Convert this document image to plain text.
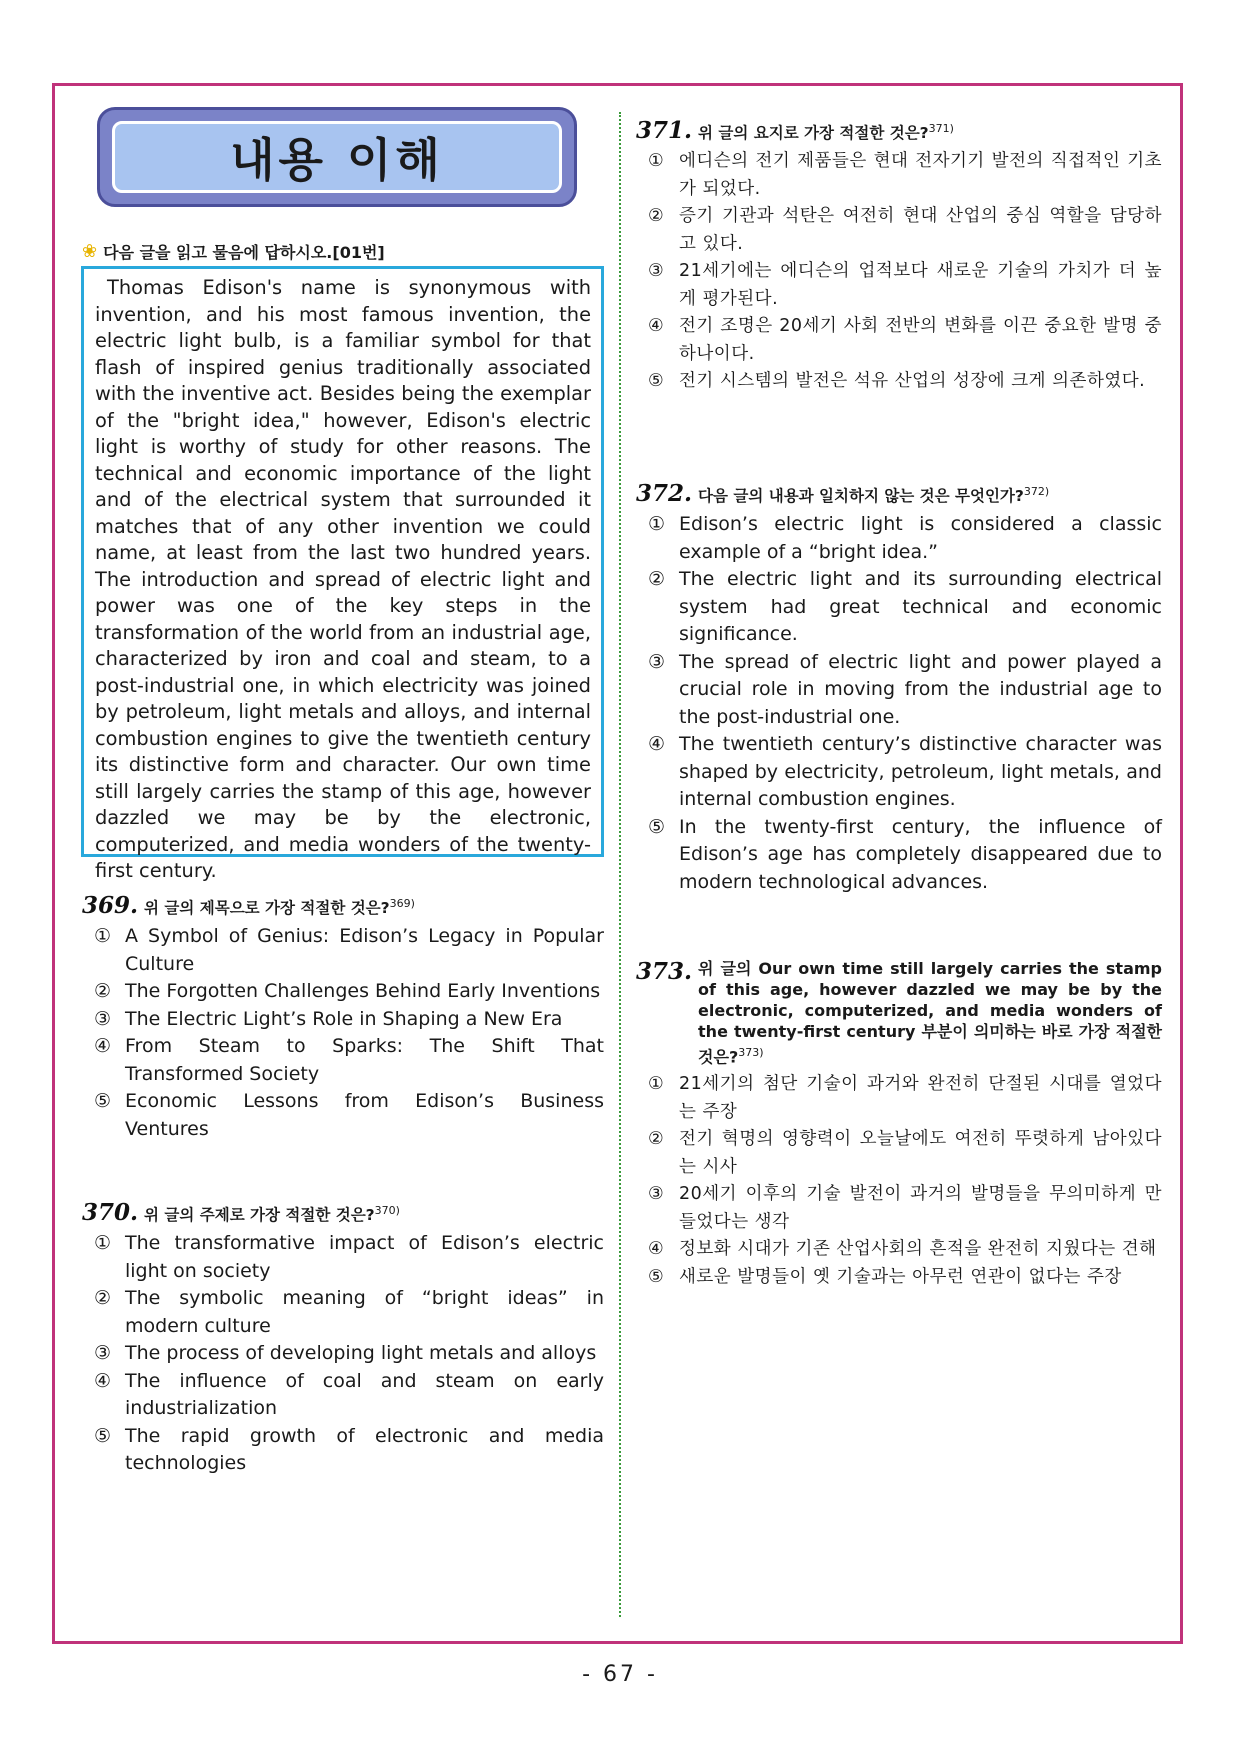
내용 이해
❀ 다음 글을 읽고 물음에 답하시오.[01번]
Thomas Edison's name is synonymous with invention, and his most famous invention, the electric light bulb, is a familiar symbol for that flash of inspired genius traditionally associated with the inventive act. Besides being the exemplar of the "bright idea," however, Edison's electric light is worthy of study for other reasons. The technical and economic importance of the light and of the electrical system that surrounded it matches that of any other invention we could name, at least from the last two hundred years. The introduction and spread of electric light and power was one of the key steps in the transformation of the world from an industrial age, characterized by iron and coal and steam, to a post-industrial one, in which electricity was joined by petroleum, light metals and alloys, and internal combustion engines to give the twentieth century its distinctive form and character. Our own time still largely carries the stamp of this age, however dazzled we may be by the electronic, computerized, and media wonders of the twenty-first century.
369. 위 글의 제목으로 가장 적절한 것은?$^{369)}$
① A Symbol of Genius: Edison’s Legacy in Popular Culture
② The Forgotten Challenges Behind Early Inventions
③ The Electric Light’s Role in Shaping a New Era
④ From Steam to Sparks: The Shift That Transformed Society
⑤ Economic Lessons from Edison’s Business Ventures
370. 위 글의 주제로 가장 적절한 것은?$^{370)}$
① The transformative impact of Edison’s electric light on society
② The symbolic meaning of “bright ideas” in modern culture
③ The process of developing light metals and alloys
④ The influence of coal and steam on early industrialization
⑤ The rapid growth of electronic and media technologies
371. 위 글의 요지로 가장 적절한 것은?$^{371)}$
① 에디슨의 전기 제품들은 현대 전자기기 발전의 직접적인 기초가 되었다.
② 증기 기관과 석탄은 여전히 현대 산업의 중심 역할을 담당하고 있다.
③ 21세기에는 에디슨의 업적보다 새로운 기술의 가치가 더 높게 평가된다.
④ 전기 조명은 20세기 사회 전반의 변화를 이끈 중요한 발명 중 하나이다.
⑤ 전기 시스템의 발전은 석유 산업의 성장에 크게 의존하였다.
372. 다음 글의 내용과 일치하지 않는 것은 무엇인가?$^{372)}$
① Edison’s electric light is considered a classic example of a “bright idea.”
② The electric light and its surrounding electrical system had great technical and economic significance.
③ The spread of electric light and power played a crucial role in moving from the industrial age to the post-industrial one.
④ The twentieth century’s distinctive character was shaped by electricity, petroleum, light metals, and internal combustion engines.
⑤ In the twenty-first century, the influence of Edison’s age has completely disappeared due to modern technological advances.
373. 위 글의 Our own time still largely carries the stamp of this age, however dazzled we may be by the electronic, computerized, and media wonders of the twenty-first century 부분이 의미하는 바로 가장 적절한 것은?$^{373)}$
① 21세기의 첨단 기술이 과거와 완전히 단절된 시대를 열었다는 주장
② 전기 혁명의 영향력이 오늘날에도 여전히 뚜렷하게 남아있다는 시사
③ 20세기 이후의 기술 발전이 과거의 발명들을 무의미하게 만들었다는 생각
④ 정보화 시대가 기존 산업사회의 흔적을 완전히 지웠다는 견해
⑤ 새로운 발명들이 옛 기술과는 아무런 연관이 없다는 주장
- 67 -
